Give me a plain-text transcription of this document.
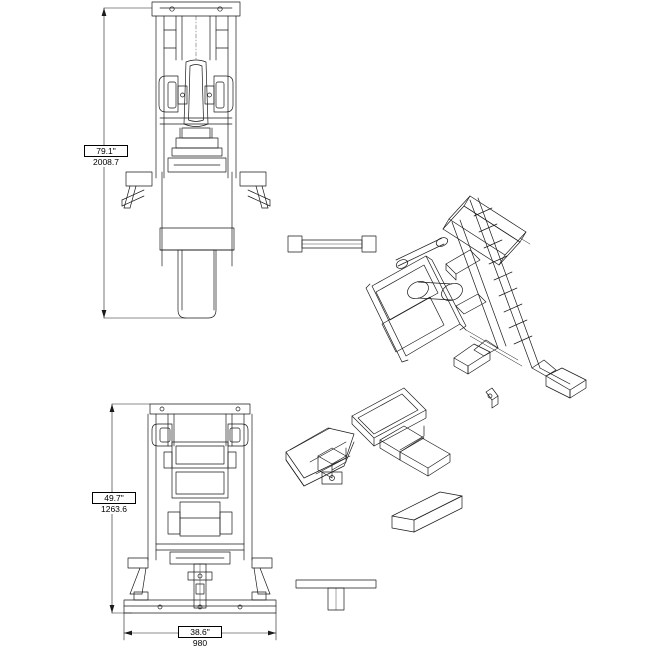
79.1"
2008.7
49.7"
1263.6
38.6"
980
